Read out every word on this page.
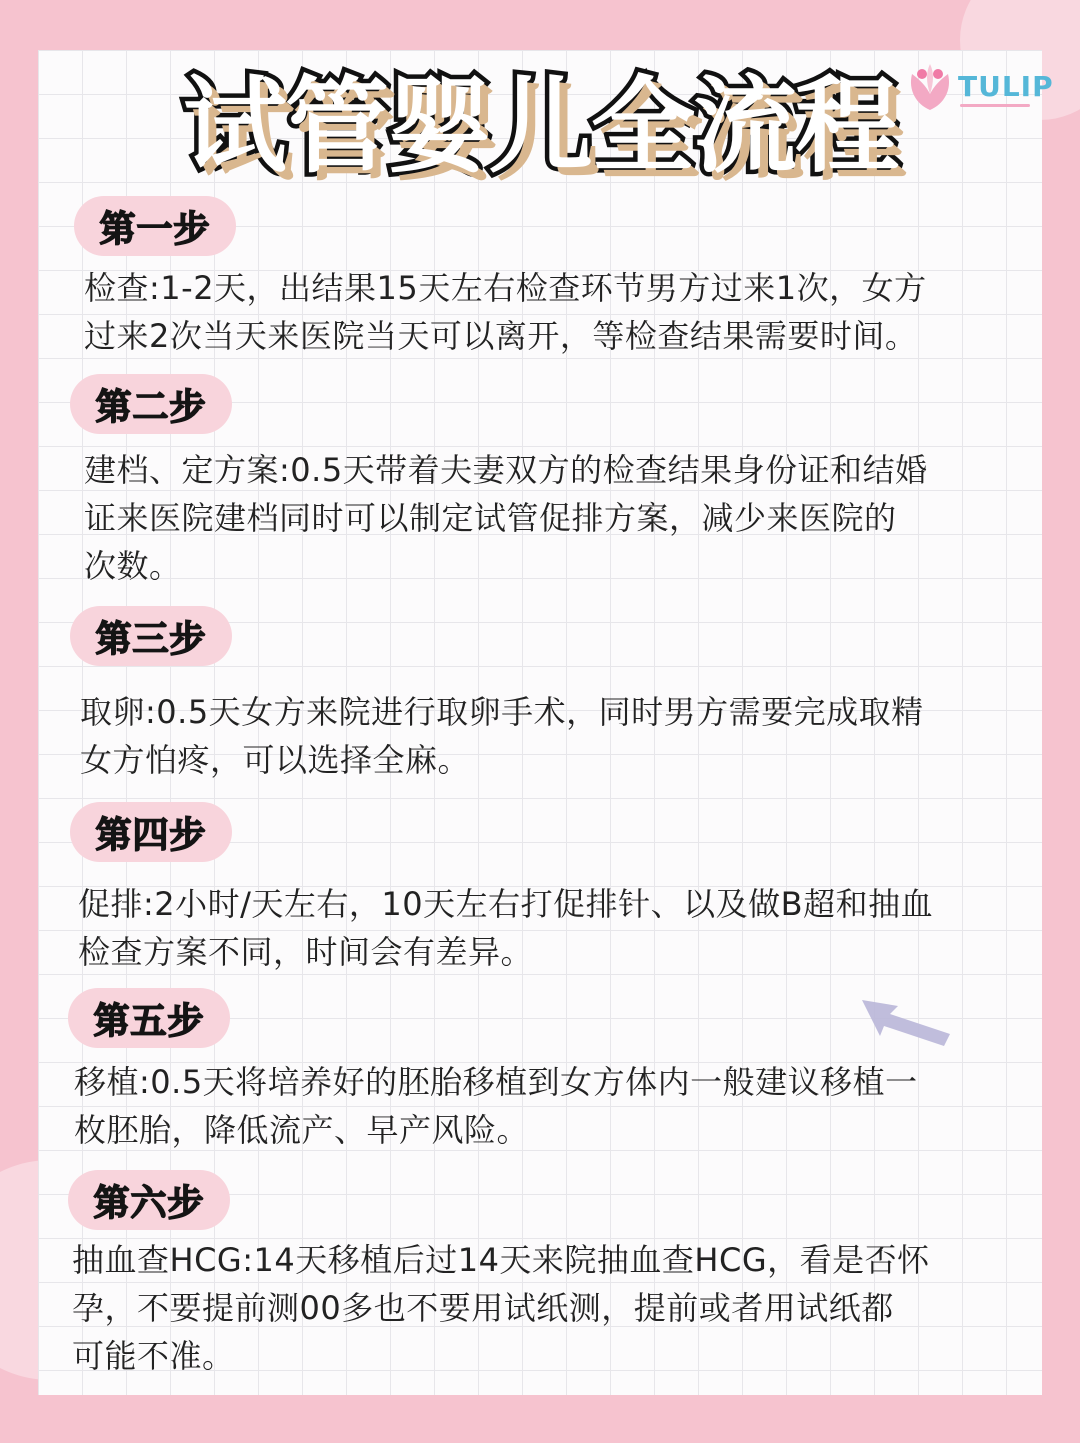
试管婴儿全流程	TULIP
第一步
检查:1-2天，出结果15天左右检查环节男方过来1次，女方
过来2次当天来医院当天可以离开，等检查结果需要时间。
第二步
建档、定方案:0.5天带着夫妻双方的检查结果身份证和结婚
证来医院建档同时可以制定试管促排方案，减少来医院的
次数。
第三步
取卵:0.5天女方来院进行取卵手术，同时男方需要完成取精
女方怕疼，可以选择全麻。
第四步
促排:2小时/天左右，10天左右打促排针、以及做B超和抽血
检查方案不同，时间会有差异。
第五步
移植:0.5天将培养好的胚胎移植到女方体内一般建议移植一
枚胚胎，降低流产、早产风险。
第六步
抽血查HCG:14天移植后过14天来院抽血查HCG，看是否怀
孕，不要提前测00多也不要用试纸测，提前或者用试纸都
可能不准。
